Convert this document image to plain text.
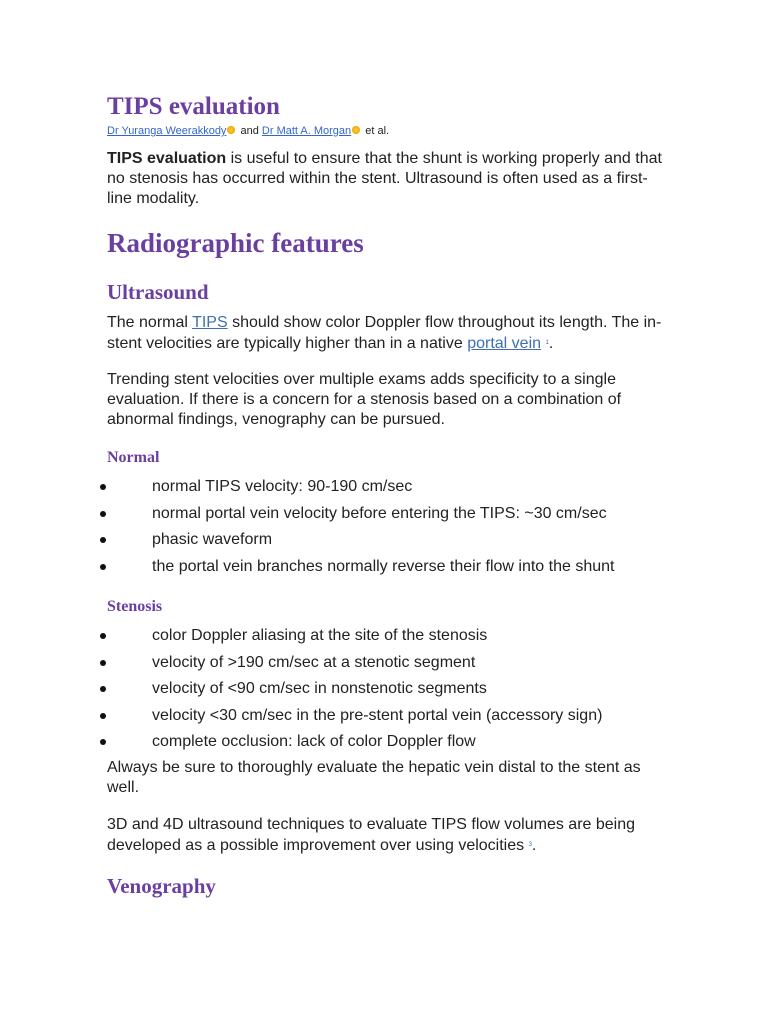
TIPS evaluation
Dr Yuranga Weerakkody and Dr Matt A. Morgan et al.

TIPS evaluation is useful to ensure that the shunt is working properly and that no stenosis has occurred within the stent. Ultrasound is often used as a first-line modality.

Radiographic features
Ultrasound

The normal TIPS should show color Doppler flow throughout its length. The in-stent velocities are typically higher than in a native portal vein $^1$.

Trending stent velocities over multiple exams adds specificity to a single evaluation. If there is a concern for a stenosis based on a combination of abnormal findings, venography can be pursued.

Normal
normal TIPS velocity: 90-190 cm/sec
normal portal vein velocity before entering the TIPS: ~30 cm/sec
phasic waveform
the portal vein branches normally reverse their flow into the shunt
Stenosis
color Doppler aliasing at the site of the stenosis
velocity of >190 cm/sec at a stenotic segment
velocity of <90 cm/sec in nonstenotic segments
velocity <30 cm/sec in the pre-stent portal vein (accessory sign)
complete occlusion: lack of color Doppler flow

Always be sure to thoroughly evaluate the hepatic vein distal to the stent as well.

3D and 4D ultrasound techniques to evaluate TIPS flow volumes are being developed as a possible improvement over using velocities $^3$.

Venography
